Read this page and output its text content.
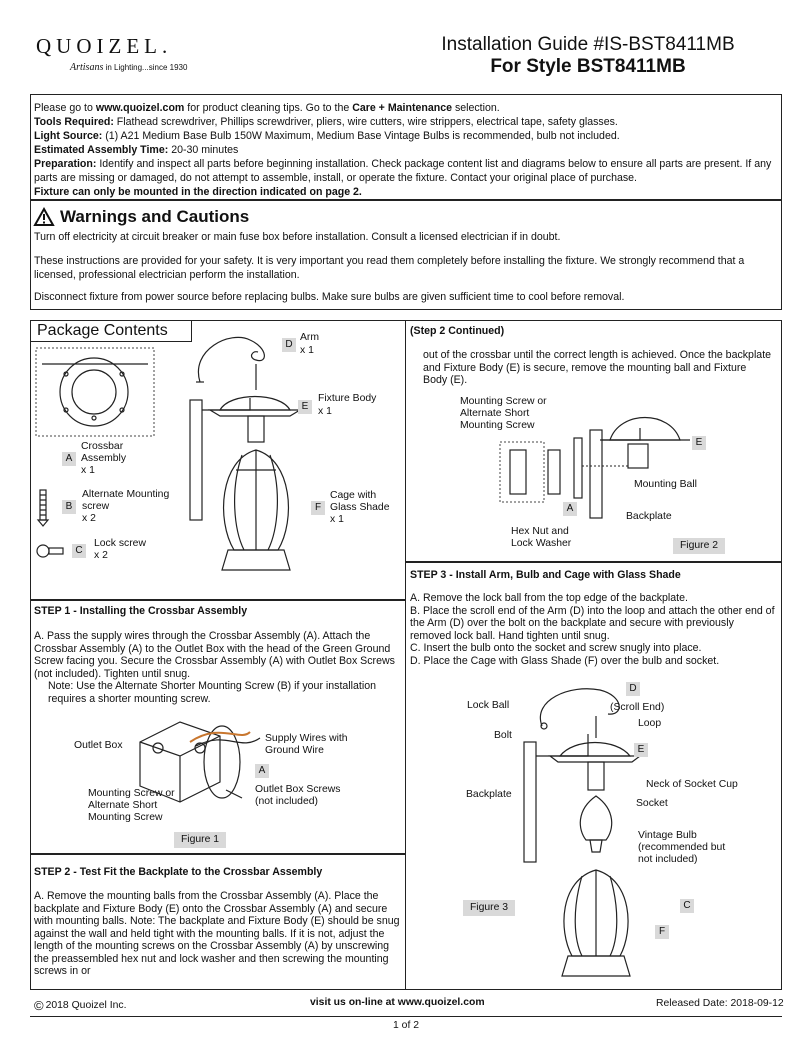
QUOIZEL.
Artisans in Lighting...since 1930
Installation Guide #IS-BST8411MB
For Style BST8411MB
Please go to www.quoizel.com for product cleaning tips. Go to the Care + Maintenance selection.
Tools Required: Flathead screwdriver, Phillips screwdriver, pliers, wire cutters, wire strippers, electrical tape, safety glasses.
Light Source: (1) A21 Medium Base Bulb 150W Maximum, Medium Base Vintage Bulbs is recommended, bulb not included.
Estimated Assembly Time: 20-30 minutes
Preparation: Identify and inspect all parts before beginning installation. Check package content list and diagrams below to ensure all parts are present. If any parts are missing or damaged, do not attempt to assemble, install, or operate the fixture. Contact your original place of purchase.
Fixture can only be mounted in the direction indicated on page 2.
Warnings and Cautions
Turn off electricity at circuit breaker or main fuse box before installation. Consult a licensed electrician if in doubt.
These instructions are provided for your safety. It is very important you read them completely before installing the fixture. We strongly recommend that a licensed, professional electrician perform the installation.
Disconnect fixture from power source before replacing bulbs. Make sure bulbs are given sufficient time to cool before removal.
Package Contents
A
Crossbar Assembly
x 1
B
Alternate Mounting screw
x 2
C
Lock screw
x 2
D
Arm
x 1
E
Fixture Body
x 1
F
Cage with Glass Shade
x 1
STEP 1 - Installing the Crossbar Assembly
A. Pass the supply wires through the Crossbar Assembly (A). Attach the Crossbar Assembly (A) to the Outlet Box with the head of the Green Ground Screw facing you. Secure the Crossbar Assembly (A) with Outlet Box Screws (not included). Tighten until snug.
Note: Use the Alternate Shorter Mounting Screw (B) if your installation requires a shorter mounting screw.
Outlet Box
Supply Wires with Ground Wire
A
Mounting Screw or Alternate Short Mounting Screw
Outlet Box Screws (not included)
Figure 1
STEP 2 - Test Fit the Backplate to the Crossbar Assembly
A. Remove the mounting balls from the Crossbar Assembly (A). Place the backplate and Fixture Body (E) onto the Crossbar Assembly (A) and secure with mounting balls. Note: The backplate and Fixture Body (E) should be snug against the wall and held tight with the mounting balls. If it is not, adjust the length of the mounting screws on the Crossbar Assembly (A) by unscrewing the preassembled hex nut and lock washer and then screwing the mounting screws in or
(Step 2 Continued)
out of the crossbar until the correct length is achieved. Once the backplate and Fixture Body (E) is secure, remove the mounting ball and Fixture Body (E).
Mounting Screw or Alternate Short Mounting Screw
E
Mounting Ball
A
Backplate
Hex Nut and Lock Washer	Figure 2
STEP 3 - Install Arm, Bulb and Cage with Glass Shade
A. Remove the lock ball from the top edge of the backplate.
B. Place the scroll end of the Arm (D) into the loop and attach the other end of the Arm (D) over the bolt on the backplate and secure with previously removed lock ball. Hand tighten until snug.
C. Insert the bulb onto the socket and screw snugly into place.
D. Place the Cage with Glass Shade (F) over the bulb and socket.
D
Lock Ball	(Scroll End)
Loop
Bolt
E
Neck of Socket Cup
Backplate
Socket
Vintage Bulb (recommended but not included)
Figure 3	C
F
© 2018 Quoizel Inc.	visit us on-line at www.quoizel.com	Released Date: 2018-09-12
1 of 2
